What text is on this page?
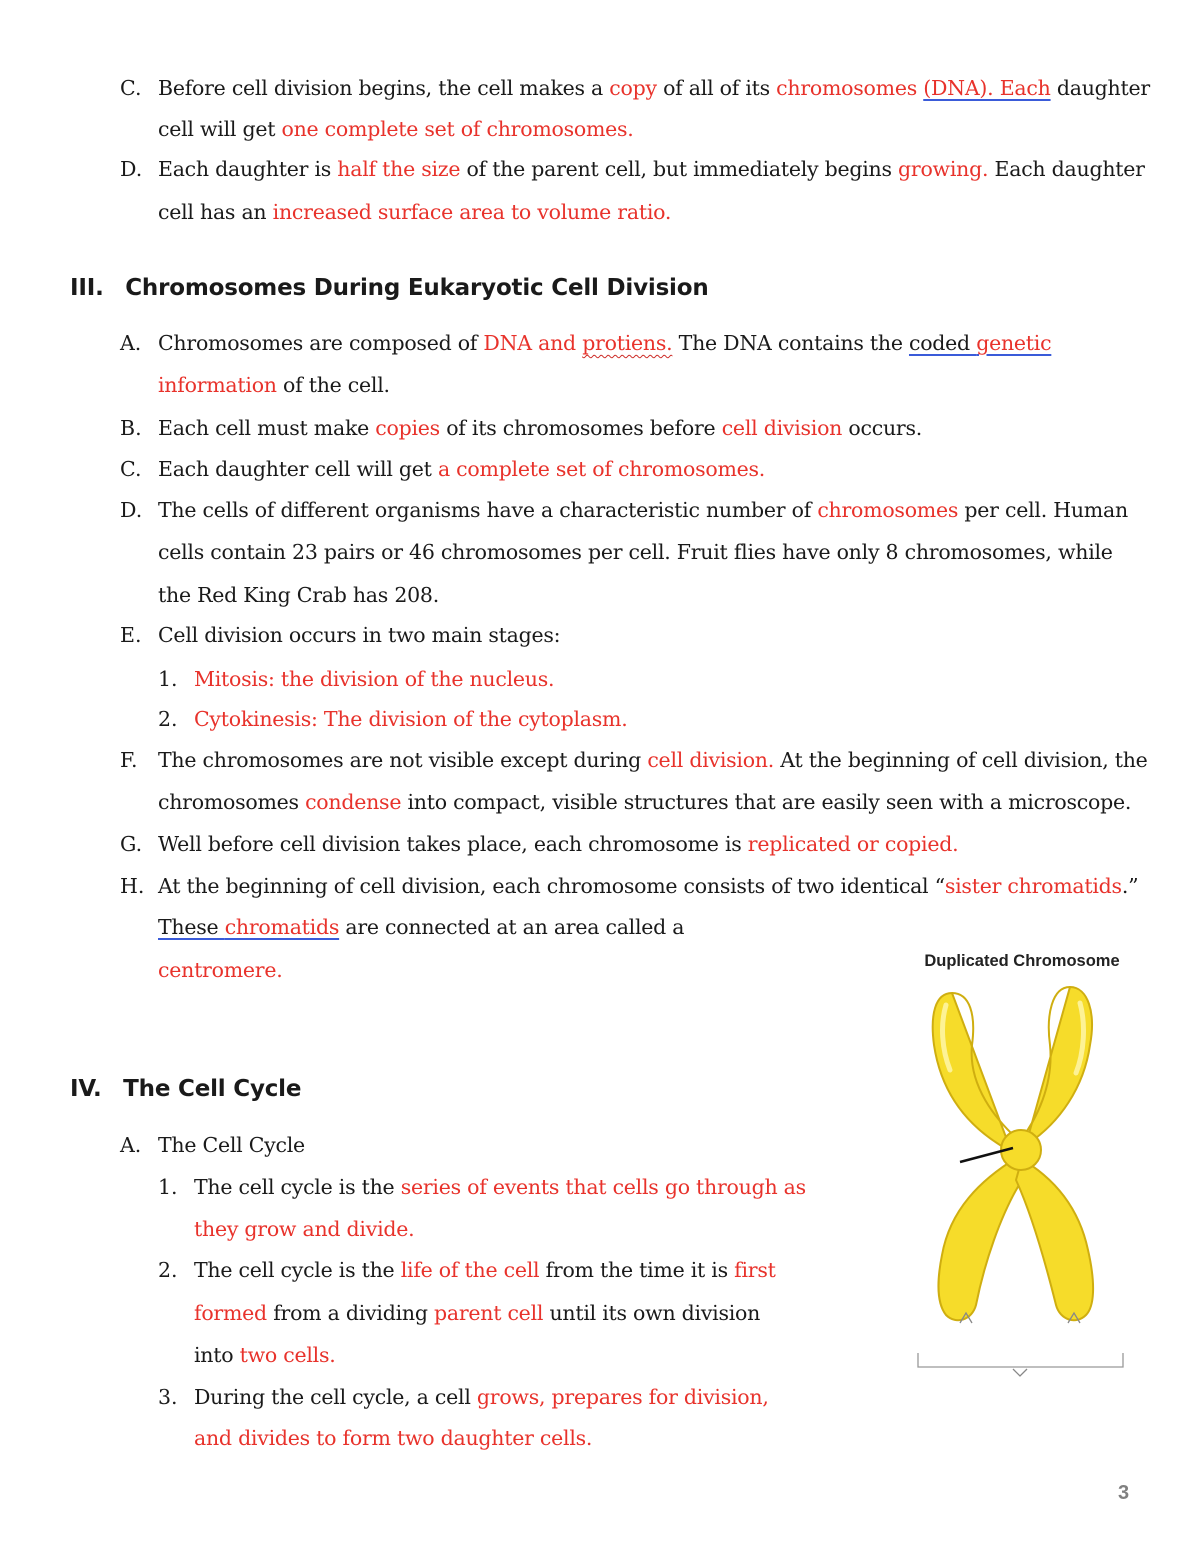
C. Before cell division begins, the cell makes a copy of all of its chromosomes (DNA). Each daughter
cell will get one complete set of chromosomes.
D. Each daughter is half the size of the parent cell, but immediately begins growing. Each daughter
cell has an increased surface area to volume ratio.
III. Chromosomes During Eukaryotic Cell Division
A. Chromosomes are composed of DNA and protiens. The DNA contains the coded genetic
information of the cell.
B. Each cell must make copies of its chromosomes before cell division occurs.
C. Each daughter cell will get a complete set of chromosomes.
D. The cells of different organisms have a characteristic number of chromosomes per cell. Human
cells contain 23 pairs or 46 chromosomes per cell. Fruit flies have only 8 chromosomes, while
the Red King Crab has 208.
E. Cell division occurs in two main stages:
1. Mitosis: the division of the nucleus.
2. Cytokinesis: The division of the cytoplasm.
F. The chromosomes are not visible except during cell division. At the beginning of cell division, the
chromosomes condense into compact, visible structures that are easily seen with a microscope.
G. Well before cell division takes place, each chromosome is replicated or copied.
H. At the beginning of cell division, each chromosome consists of two identical “sister chromatids.”
These chromatids are connected at an area called a
centromere.	Duplicated Chromosome
IV. The Cell Cycle
A. The Cell Cycle
1. The cell cycle is the series of events that cells go through as
they grow and divide.
2. The cell cycle is the life of the cell from the time it is first
formed from a dividing parent cell until its own division
into two cells.
3. During the cell cycle, a cell grows, prepares for division,
and divides to form two daughter cells.
3
